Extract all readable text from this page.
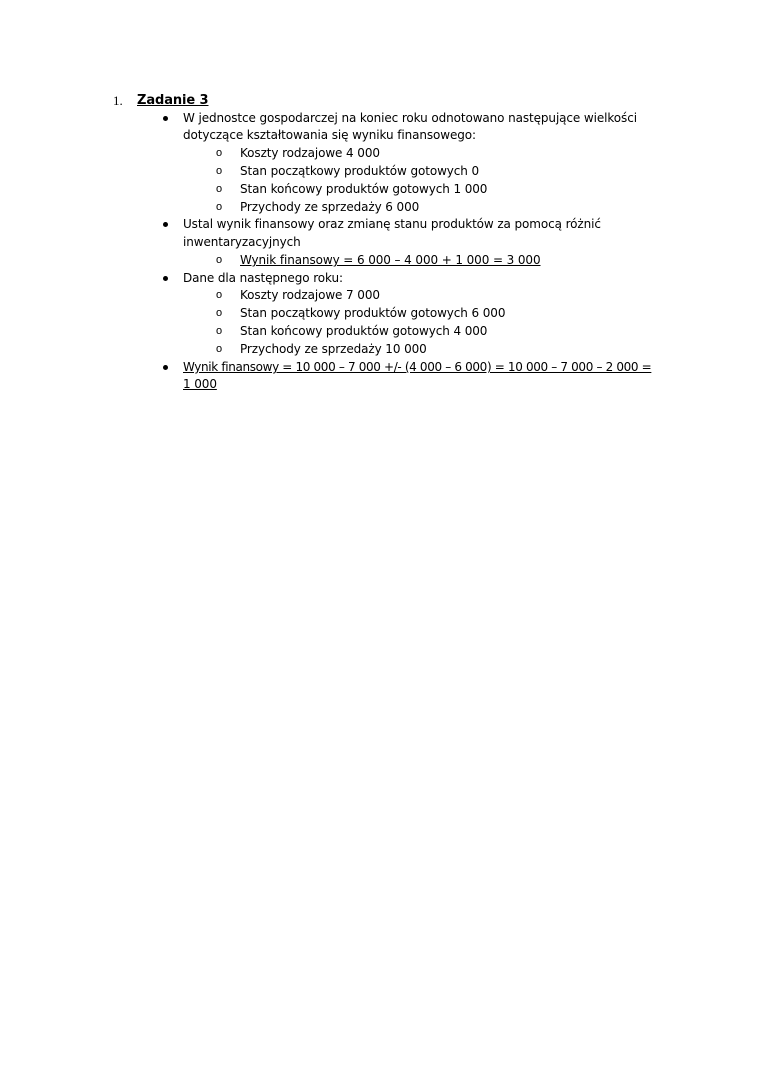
1. Zadanie 3
W jednostce gospodarczej na koniec roku odnotowano następujące wielkości
dotyczące kształtowania się wyniku finansowego:
o Koszty rodzajowe 4 000
o Stan początkowy produktów gotowych 0
o Stan końcowy produktów gotowych 1 000
o Przychody ze sprzedaży 6 000
Ustal wynik finansowy oraz zmianę stanu produktów za pomocą różnić
inwentaryzacyjnych
o Wynik finansowy = 6 000 – 4 000 + 1 000 = 3 000
Dane dla następnego roku:
o Koszty rodzajowe 7 000
o Stan początkowy produktów gotowych 6 000
o Stan końcowy produktów gotowych 4 000
o Przychody ze sprzedaży 10 000
Wynik finansowy = 10 000 – 7 000 +/- (4 000 – 6 000) = 10 000 – 7 000 – 2 000 =
1 000
